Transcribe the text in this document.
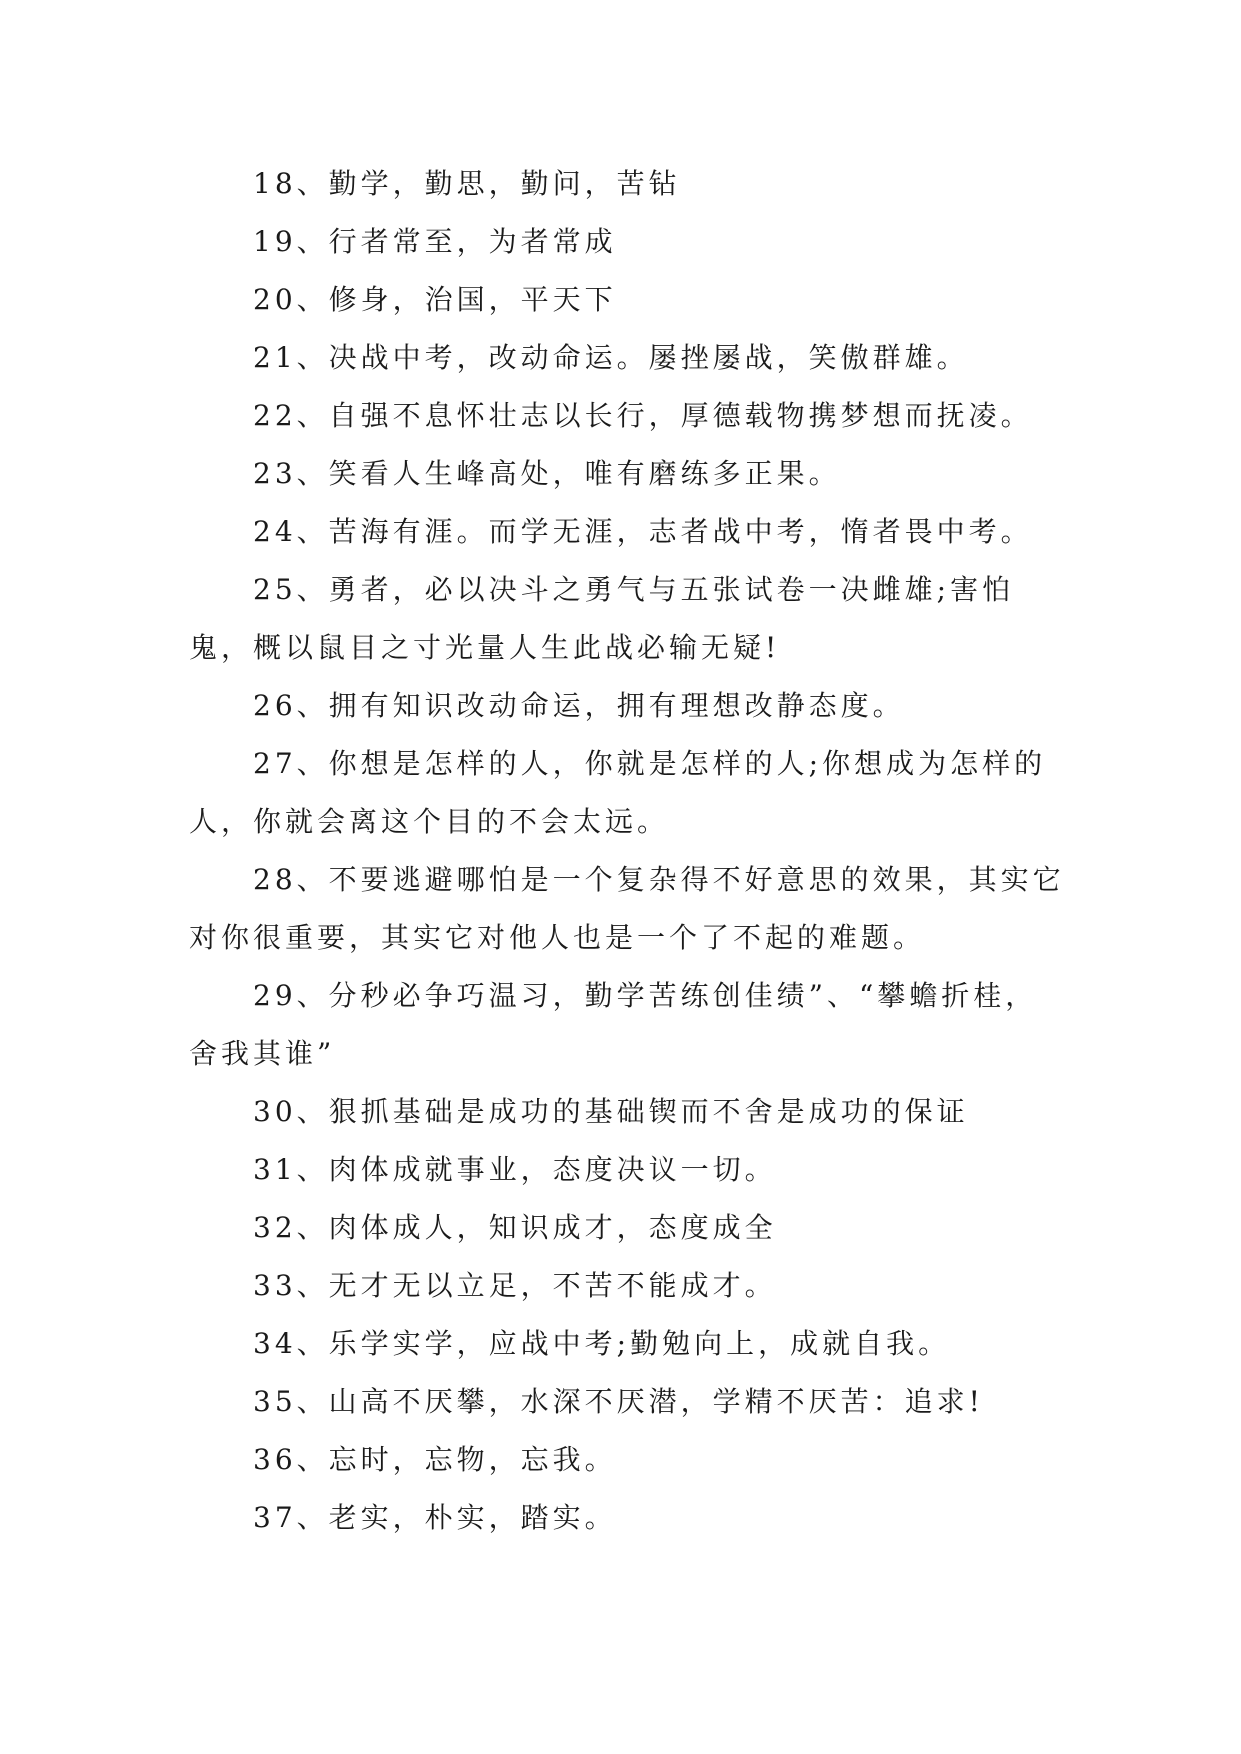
18、勤学，勤思，勤问，苦钻

19、行者常至，为者常成

20、修身，治国，平天下

21、决战中考，改动命运。屡挫屡战，笑傲群雄。

22、自强不息怀壮志以长行，厚德载物携梦想而抚凌。

23、笑看人生峰高处，唯有磨练多正果。

24、苦海有涯。而学无涯，志者战中考，惰者畏中考。

25、勇者，必以决斗之勇气与五张试卷一决雌雄;害怕鬼，概以鼠目之寸光量人生此战必输无疑!

26、拥有知识改动命运，拥有理想改静态度。

27、你想是怎样的人，你就是怎样的人;你想成为怎样的人，你就会离这个目的不会太远。

28、不要逃避哪怕是一个复杂得不好意思的效果，其实它对你很重要，其实它对他人也是一个了不起的难题。

29、分秒必争巧温习，勤学苦练创佳绩”、“攀蟾折桂，舍我其谁”

30、狠抓基础是成功的基础锲而不舍是成功的保证

31、肉体成就事业，态度决议一切。

32、肉体成人，知识成才，态度成全

33、无才无以立足，不苦不能成才。

34、乐学实学，应战中考;勤勉向上，成就自我。

35、山高不厌攀，水深不厌潜，学精不厌苦：追求!

36、忘时，忘物，忘我。

37、老实，朴实，踏实。
